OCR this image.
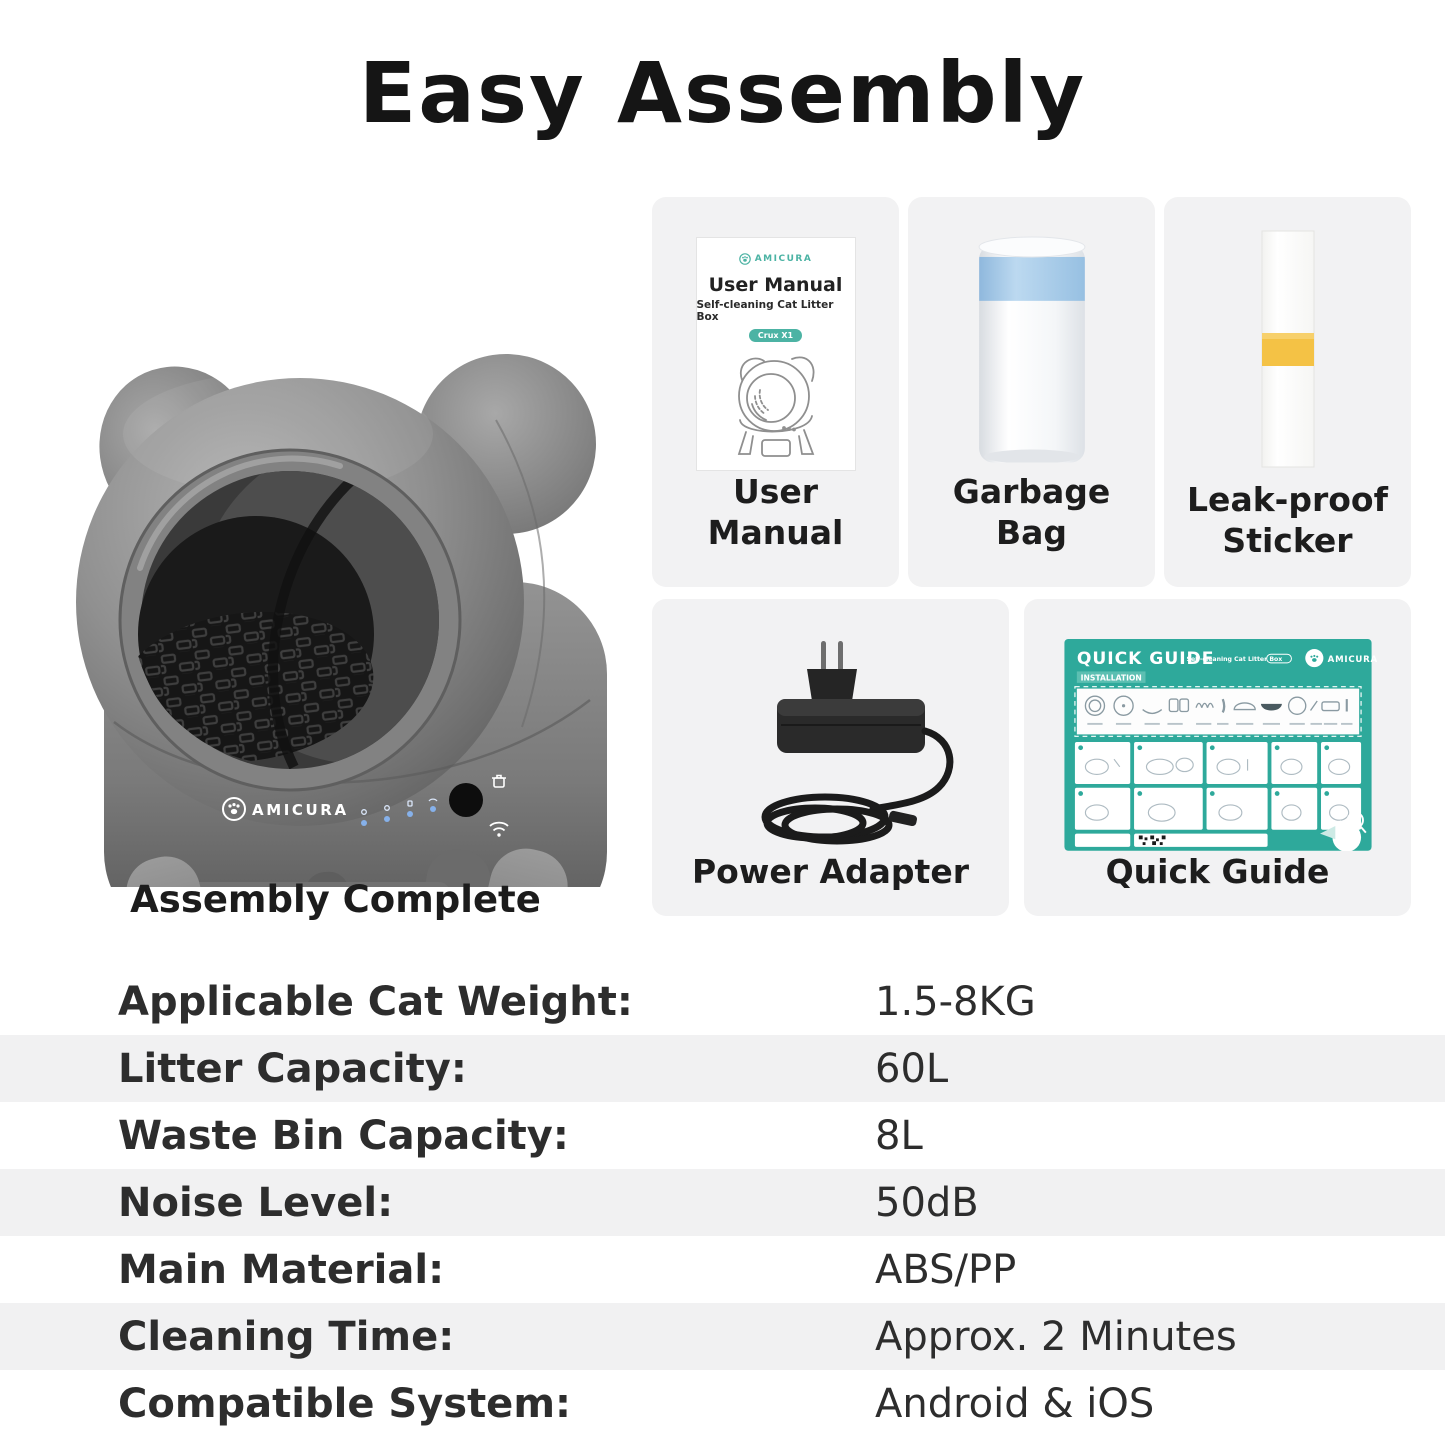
Easy Assembly
AMICURA
Assembly Complete
AMICURA
User Manual
Self-cleaning Cat Litter Box
Crux X1
User Manual
Garbage Bag
Leak-proof Sticker
Power Adapter
QUICK GUIDE
Self-cleaning Cat Litter Box	AMICURA
INSTALLATION
Quick Guide
Applicable Cat Weight:	1.5-8KG
Litter Capacity:	60L
Waste Bin Capacity:	8L
Noise Level:	50dB
Main Material:	ABS/PP
Cleaning Time:	Approx. 2 Minutes
Compatible System:	Android & iOS
